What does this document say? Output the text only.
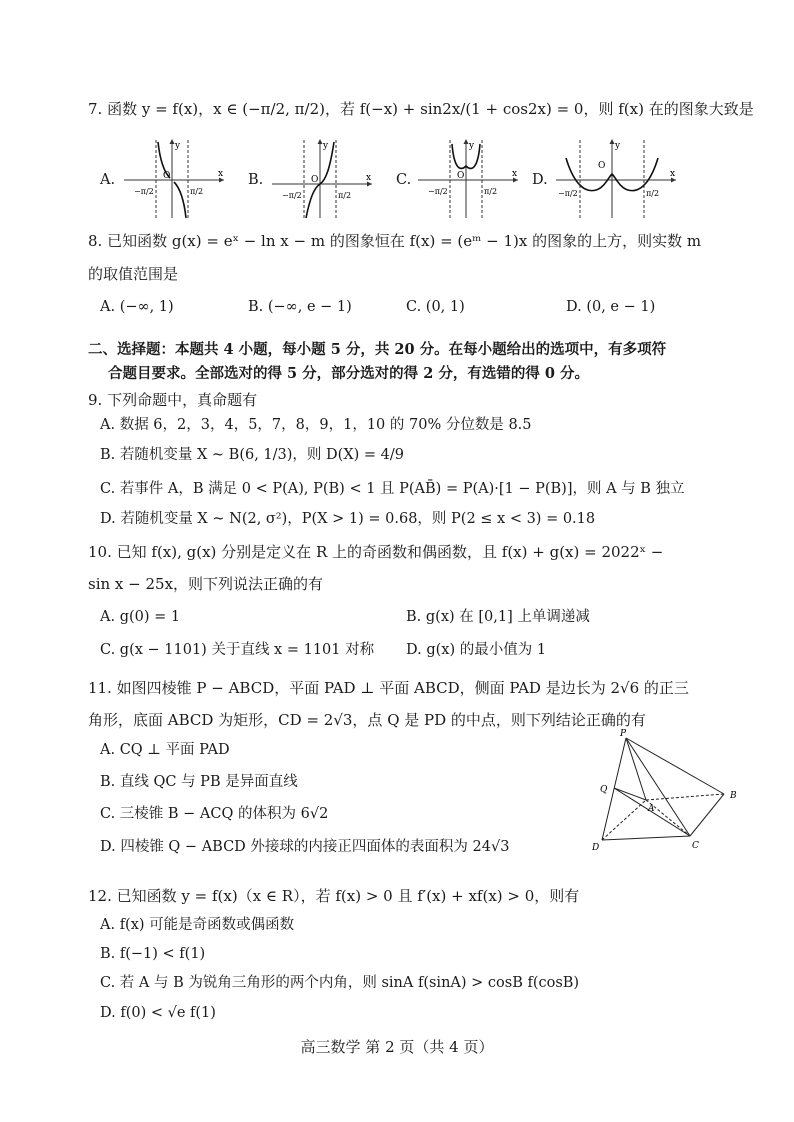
7. 函数 y = f(x)，x ∈ (−π/2, π/2)，若 f(−x) + sin2x/(1 + cos2x) = 0，则 f(x) 在的图象大致是
A.
y
x
O
−π/2	π/2
B.
y
x
O
−π/2	π/2
C.
y
x
O
−π/2	π/2
D.
y
x
O
−π/2	π/2
8. 已知函数 g(x) = eˣ − ln x − m 的图象恒在 f(x) = (eᵐ − 1)x 的图象的上方，则实数 m
的取值范围是
A. (−∞, 1)	B. (−∞, e − 1)	C. (0, 1)	D. (0, e − 1)
二、选择题：本题共 4 小题，每小题 5 分，共 20 分。在每小题给出的选项中，有多项符
合题目要求。全部选对的得 5 分，部分选对的得 2 分，有选错的得 0 分。
9. 下列命题中，真命题有
A. 数据 6，2，3，4，5，7，8，9，1，10 的 70% 分位数是 8.5
B. 若随机变量 X ~ B(6, 1/3)，则 D(X) = 4/9
C. 若事件 A，B 满足 0 < P(A), P(B) < 1 且 P(AB̄) = P(A)·[1 − P(B)]，则 A 与 B 独立
D. 若随机变量 X ~ N(2, σ²)，P(X > 1) = 0.68，则 P(2 ≤ x < 3) = 0.18
10. 已知 f(x), g(x) 分别是定义在 R 上的奇函数和偶函数，且 f(x) + g(x) = 2022ˣ −
sin x − 25x，则下列说法正确的有
A. g(0) = 1	B. g(x) 在 [0,1] 上单调递减
C. g(x − 1101) 关于直线 x = 1101 对称 D. g(x) 的最小值为 1
11. 如图四棱锥 P − ABCD，平面 PAD ⊥ 平面 ABCD，侧面 PAD 是边长为 2√6 的正三
角形，底面 ABCD 为矩形，CD = 2√3，点 Q 是 PD 的中点，则下列结论正确的有
A. CQ ⊥ 平面 PAD
B. 直线 QC 与 PB 是异面直线
C. 三棱锥 B − ACQ 的体积为 6√2
D. 四棱锥 Q − ABCD 外接球的内接正四面体的表面积为 24√3
P
Q
A
B
C
D
12. 已知函数 y = f(x)（x ∈ R），若 f(x) > 0 且 f′(x) + xf(x) > 0，则有
A. f(x) 可能是奇函数或偶函数
B. f(−1) < f(1)
C. 若 A 与 B 为锐角三角形的两个内角，则 sinA f(sinA) > cosB f(cosB)
D. f(0) < √e f(1)
高三数学 第 2 页（共 4 页）
